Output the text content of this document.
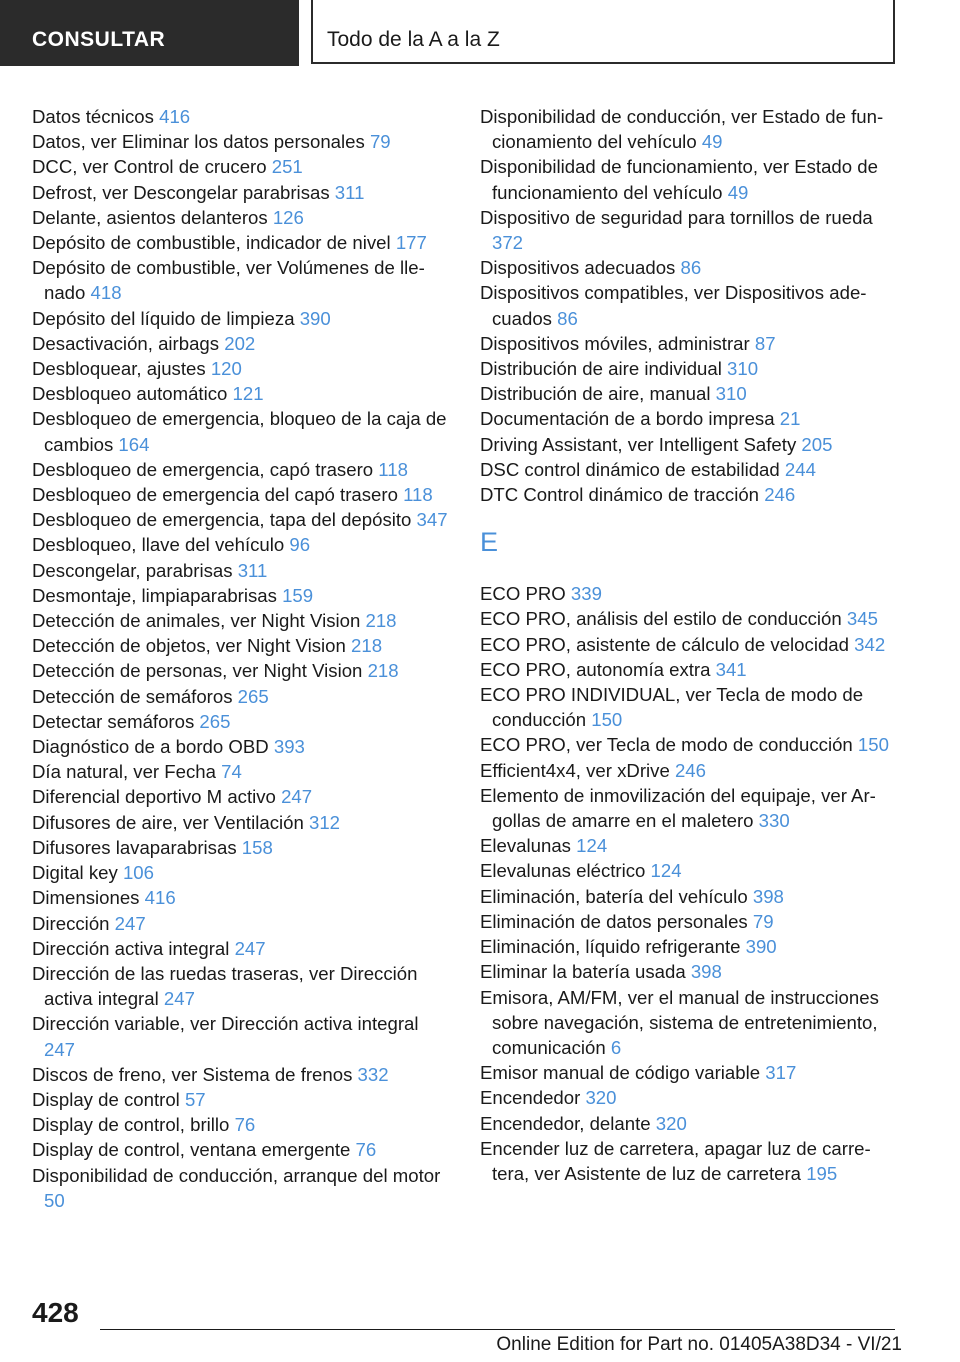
CONSULTAR	Todo de la A a la Z
Datos técnicos 416
Datos, ver Eliminar los datos personales 79
DCC, ver Control de crucero 251
Defrost, ver Descongelar parabrisas 311
Delante, asientos delanteros 126
Depósito de combustible, indicador de nivel 177
Depósito de combustible, ver Volúmenes de llenado 418
Depósito del líquido de limpieza 390
Desactivación, airbags 202
Desbloquear, ajustes 120
Desbloqueo automático 121
Desbloqueo de emergencia, bloqueo de la caja de cambios 164
Desbloqueo de emergencia, capó trasero 118
Desbloqueo de emergencia del capó trasero 118
Desbloqueo de emergencia, tapa del depósito 347
Desbloqueo, llave del vehículo 96
Descongelar, parabrisas 311
Desmontaje, limpiaparabrisas 159
Detección de animales, ver Night Vision 218
Detección de objetos, ver Night Vision 218
Detección de personas, ver Night Vision 218
Detección de semáforos 265
Detectar semáforos 265
Diagnóstico de a bordo OBD 393
Día natural, ver Fecha 74
Diferencial deportivo M activo 247
Difusores de aire, ver Ventilación 312
Difusores lavaparabrisas 158
Digital key 106
Dimensiones 416
Dirección 247
Dirección activa integral 247
Dirección de las ruedas traseras, ver Dirección activa integral 247
Dirección variable, ver Dirección activa integral 247
Discos de freno, ver Sistema de frenos 332
Display de control 57
Display de control, brillo 76
Display de control, ventana emergente 76
Disponibilidad de conducción, arranque del motor 50
Disponibilidad de conducción, ver Estado de funcionamiento del vehículo 49
Disponibilidad de funcionamiento, ver Estado de funcionamiento del vehículo 49
Dispositivo de seguridad para tornillos de rueda 372
Dispositivos adecuados 86
Dispositivos compatibles, ver Dispositivos adecuados 86
Dispositivos móviles, administrar 87
Distribución de aire individual 310
Distribución de aire, manual 310
Documentación de a bordo impresa 21
Driving Assistant, ver Intelligent Safety 205
DSC control dinámico de estabilidad 244
DTC Control dinámico de tracción 246
E
ECO PRO 339
ECO PRO, análisis del estilo de conducción 345
ECO PRO, asistente de cálculo de velocidad 342
ECO PRO, autonomía extra 341
ECO PRO INDIVIDUAL, ver Tecla de modo de conducción 150
ECO PRO, ver Tecla de modo de conducción 150
Efficient4x4, ver xDrive 246
Elemento de inmovilización del equipaje, ver Argollas de amarre en el maletero 330
Elevalunas 124
Elevalunas eléctrico 124
Eliminación, batería del vehículo 398
Eliminación de datos personales 79
Eliminación, líquido refrigerante 390
Eliminar la batería usada 398
Emisora, AM/FM, ver el manual de instrucciones sobre navegación, sistema de entretenimiento, comunicación 6
Emisor manual de código variable 317
Encendedor 320
Encendedor, delante 320
Encender luz de carretera, apagar luz de carretera, ver Asistente de luz de carretera 195
428
Online Edition for Part no. 01405A38D34 - VI/21
